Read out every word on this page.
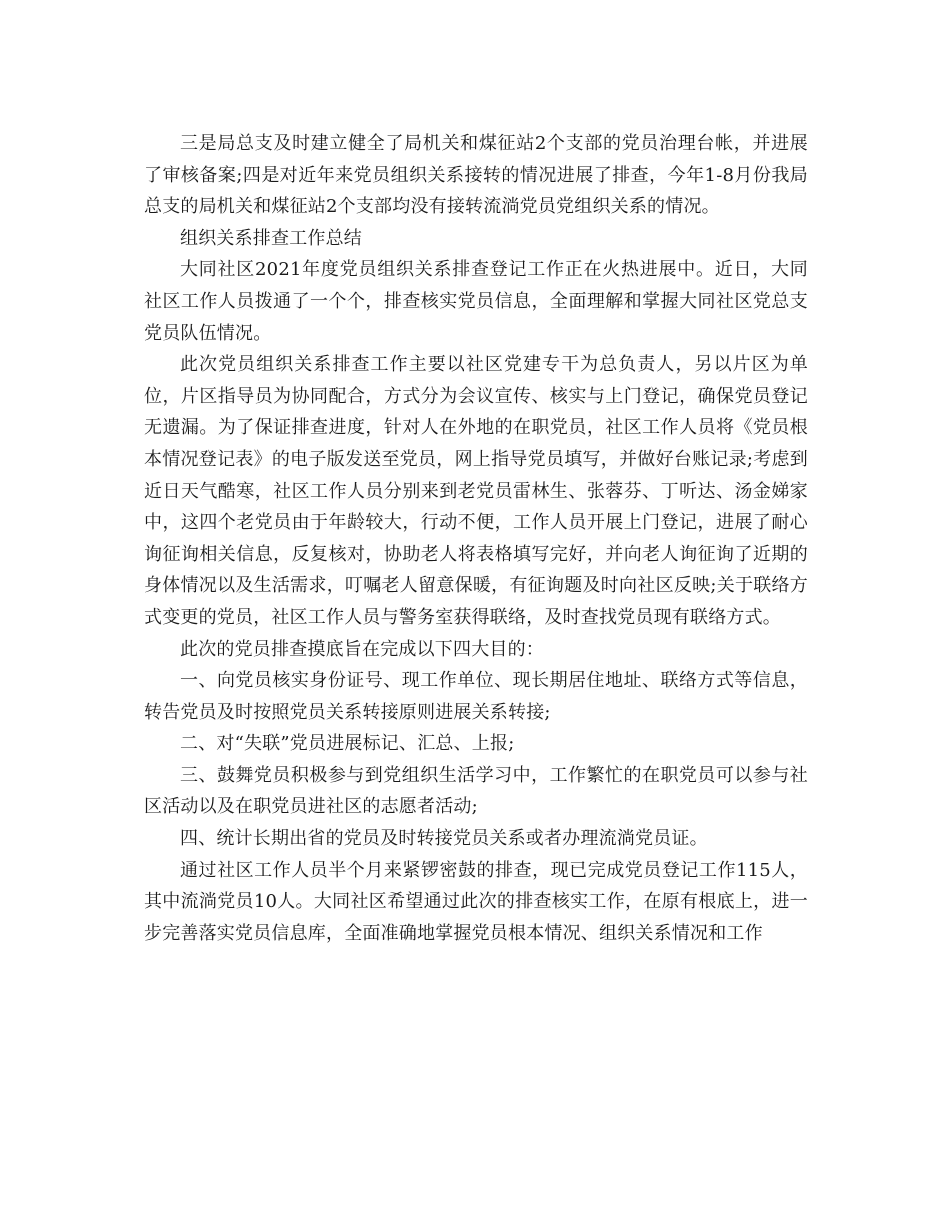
三是局总支及时建立健全了局机关和煤征站2个支部的党员治理台帐，并进展了审核备案;四是对近年来党员组织关系接转的情况进展了排查，今年1-8月份我局总支的局机关和煤征站2个支部均没有接转流淌党员党组织关系的情况。

组织关系排查工作总结

大同社区2021年度党员组织关系排查登记工作正在火热进展中。近日，大同社区工作人员拨通了一个个，排查核实党员信息，全面理解和掌握大同社区党总支党员队伍情况。

此次党员组织关系排查工作主要以社区党建专干为总负责人，另以片区为单位，片区指导员为协同配合，方式分为会议宣传、核实与上门登记，确保党员登记无遗漏。为了保证排查进度，针对人在外地的在职党员，社区工作人员将《党员根本情况登记表》的电子版发送至党员，网上指导党员填写，并做好台账记录;考虑到近日天气酷寒，社区工作人员分别来到老党员雷林生、张蓉芬、丁听达、汤金娣家中，这四个老党员由于年龄较大，行动不便，工作人员开展上门登记，进展了耐心询征询相关信息，反复核对，协助老人将表格填写完好，并向老人询征询了近期的身体情况以及生活需求，叮嘱老人留意保暖，有征询题及时向社区反映;关于联络方式变更的党员，社区工作人员与警务室获得联络，及时查找党员现有联络方式。

此次的党员排查摸底旨在完成以下四大目的：

一、向党员核实身份证号、现工作单位、现长期居住地址、联络方式等信息，转告党员及时按照党员关系转接原则进展关系转接;

二、对“失联”党员进展标记、汇总、上报;

三、鼓舞党员积极参与到党组织生活学习中，工作繁忙的在职党员可以参与社区活动以及在职党员进社区的志愿者活动;

四、统计长期出省的党员及时转接党员关系或者办理流淌党员证。

通过社区工作人员半个月来紧锣密鼓的排查，现已完成党员登记工作115人，其中流淌党员10人。大同社区希望通过此次的排查核实工作，在原有根底上，进一步完善落实党员信息库，全面准确地掌握党员根本情况、组织关系情况和工作
